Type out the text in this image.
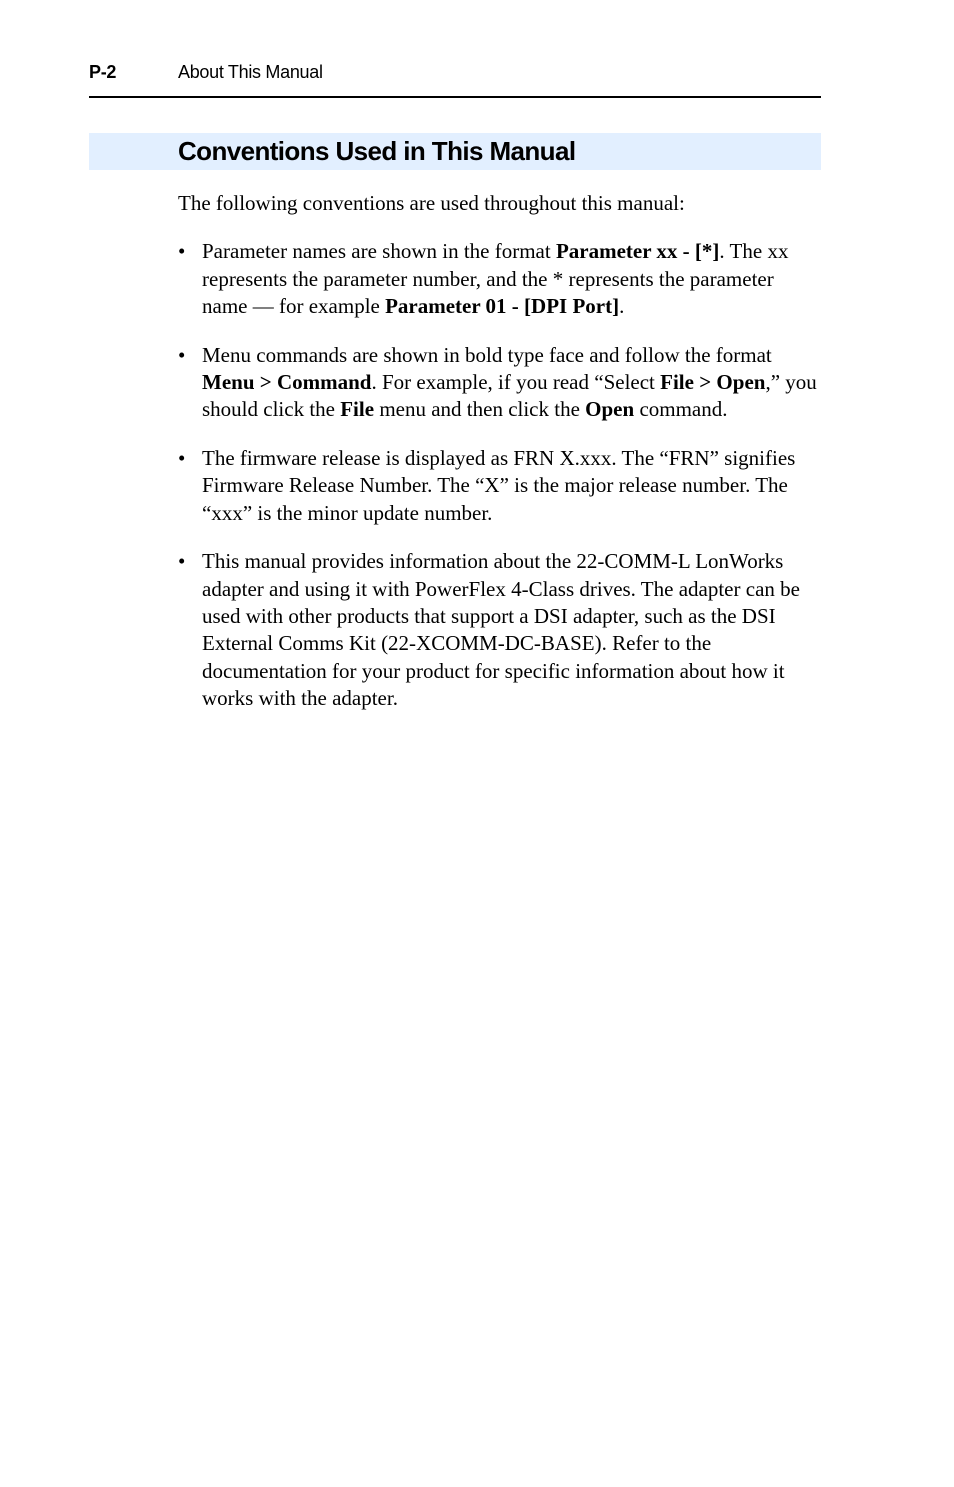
P-2	About This Manual
Conventions Used in This Manual

The following conventions are used throughout this manual:

• Parameter names are shown in the format Parameter xx - [*]. The xx represents the parameter number, and the * represents the parameter name — for example Parameter 01 - [DPI Port].
• Menu commands are shown in bold type face and follow the format Menu > Command. For example, if you read “Select File > Open,” you should click the File menu and then click the Open command.
• The firmware release is displayed as FRN X.xxx. The “FRN” signifies Firmware Release Number. The “X” is the major release number. The “xxx” is the minor update number.
• This manual provides information about the 22-COMM-L LonWorks adapter and using it with PowerFlex 4-Class drives. The adapter can be used with other products that support a DSI adapter, such as the DSI External Comms Kit (22-XCOMM-DC-BASE). Refer to the documentation for your product for specific information about how it works with the adapter.
